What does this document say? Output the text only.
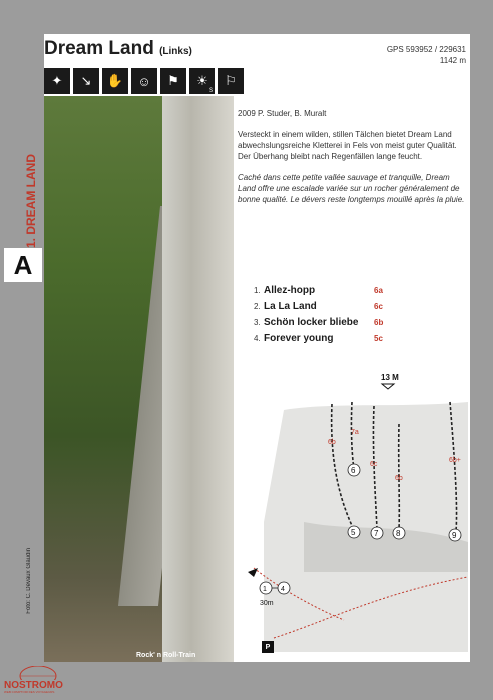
Dream Land (Links)	GPS 593952 / 229631
1142 m
✦ ↘ ✋ ☺ ⚑ ☀
S
⚐
1. DREAM LAND
A
Foto: C. Devaux Glaudin
Rock' n Roll-Train

2009 P. Studer, B. Muralt

Versteckt in einem wilden, stillen Tälchen bietet Dream Land abwechslungsreiche Kletterei in Fels von meist guter Qualität. Der Überhang bleibt nach Regenfällen lange feucht.

Caché dans cette petite vallée sauvage et tranquille, Dream Land offre une escalade variée sur un rocher généralement de bonne qualité. Le dévers reste longtemps mouillé après la pluie.

1. Allez-hopp	6a
2. La La Land	6c
3. Schön locker bliebe	6b
4. Forever young	5c
13 M
6b
7a
6c
6b
6b+
5
6
7 8	9
1 4
30m
P
NOSTROMO
WEB COMPTOIR DES VOYAGEURS
